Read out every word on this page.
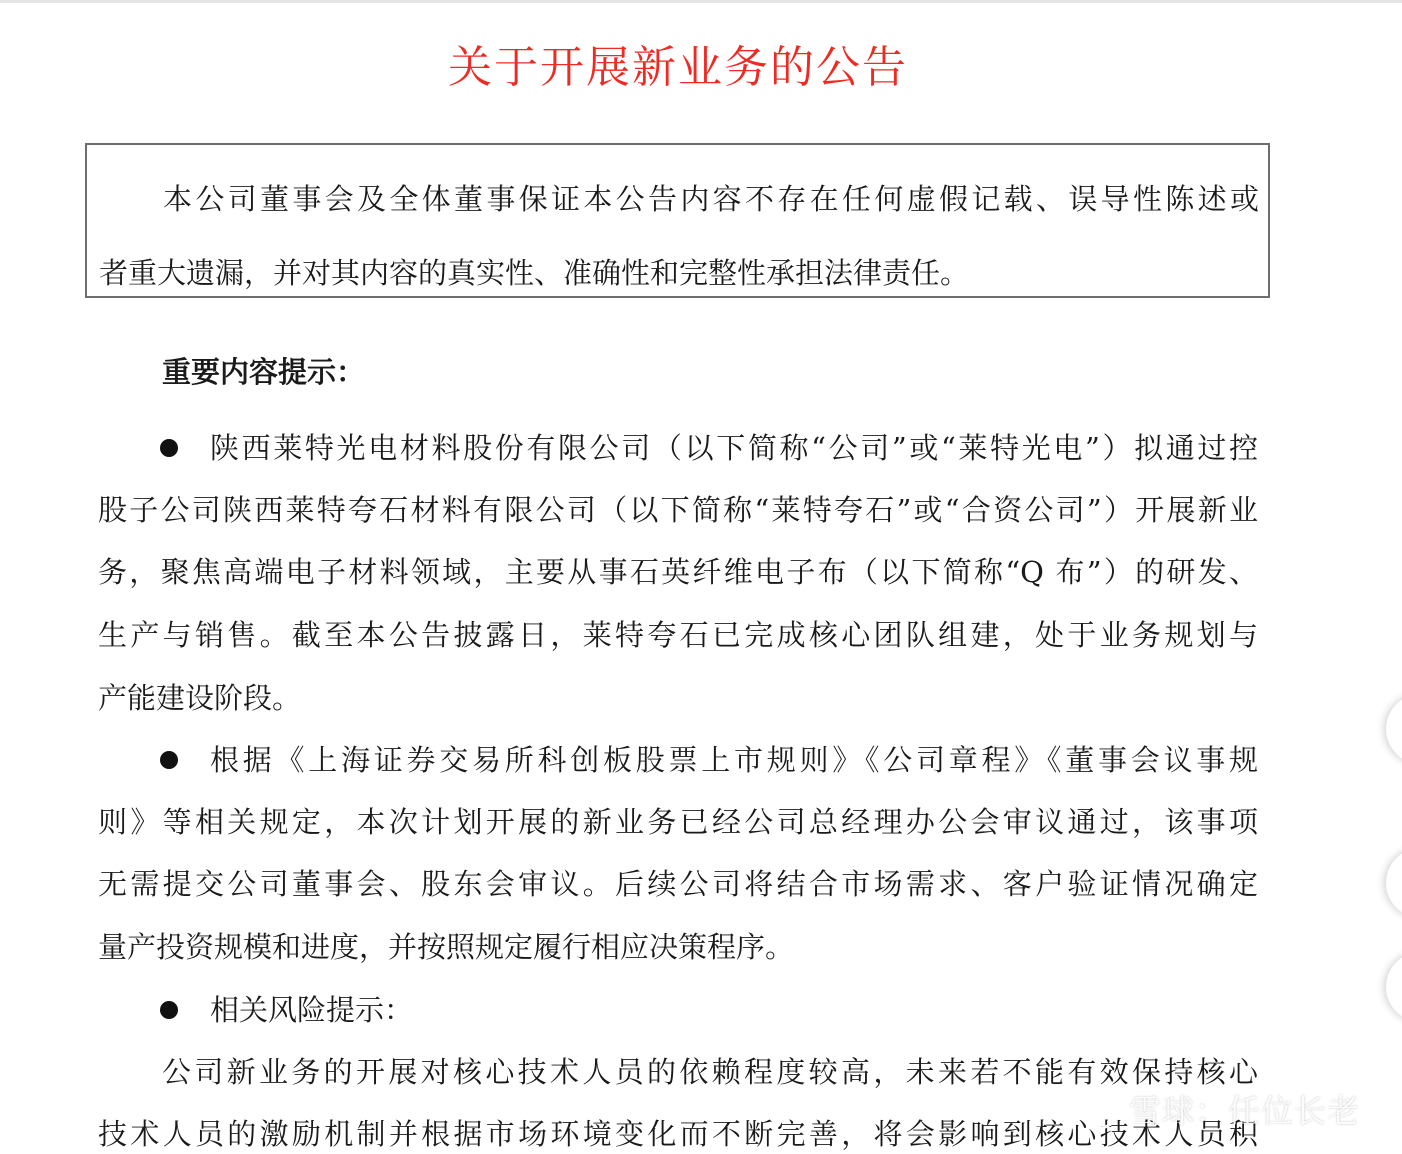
关于开展新业务的公告

本公司董事会及全体董事保证本公告内容不存在任何虚假记载、误导性陈述或

者重大遗漏，并对其内容的真实性、准确性和完整性承担法律责任。

重要内容提示：

陕西莱特光电材料股份有限公司（以下简称“公司”或“莱特光电”）拟通过控

股子公司陕西莱特夸石材料有限公司（以下简称“莱特夸石”或“合资公司”）开展新业

务，聚焦高端电子材料领域，主要从事石英纤维电子布（以下简称“Q 布”）的研发、

生产与销售。截至本公告披露日，莱特夸石已完成核心团队组建，处于业务规划与

产能建设阶段。

根据《上海证券交易所科创板股票上市规则》《公司章程》《董事会议事规

则》等相关规定，本次计划开展的新业务已经公司总经理办公会审议通过，该事项

无需提交公司董事会、股东会审议。后续公司将结合市场需求、客户验证情况确定

量产投资规模和进度，并按照规定履行相应决策程序。

相关风险提示：

公司新业务的开展对核心技术人员的依赖程度较高，未来若不能有效保持核心

技术人员的激励机制并根据市场环境变化而不断完善，将会影响到核心技术人员积

雪球：任位长老
